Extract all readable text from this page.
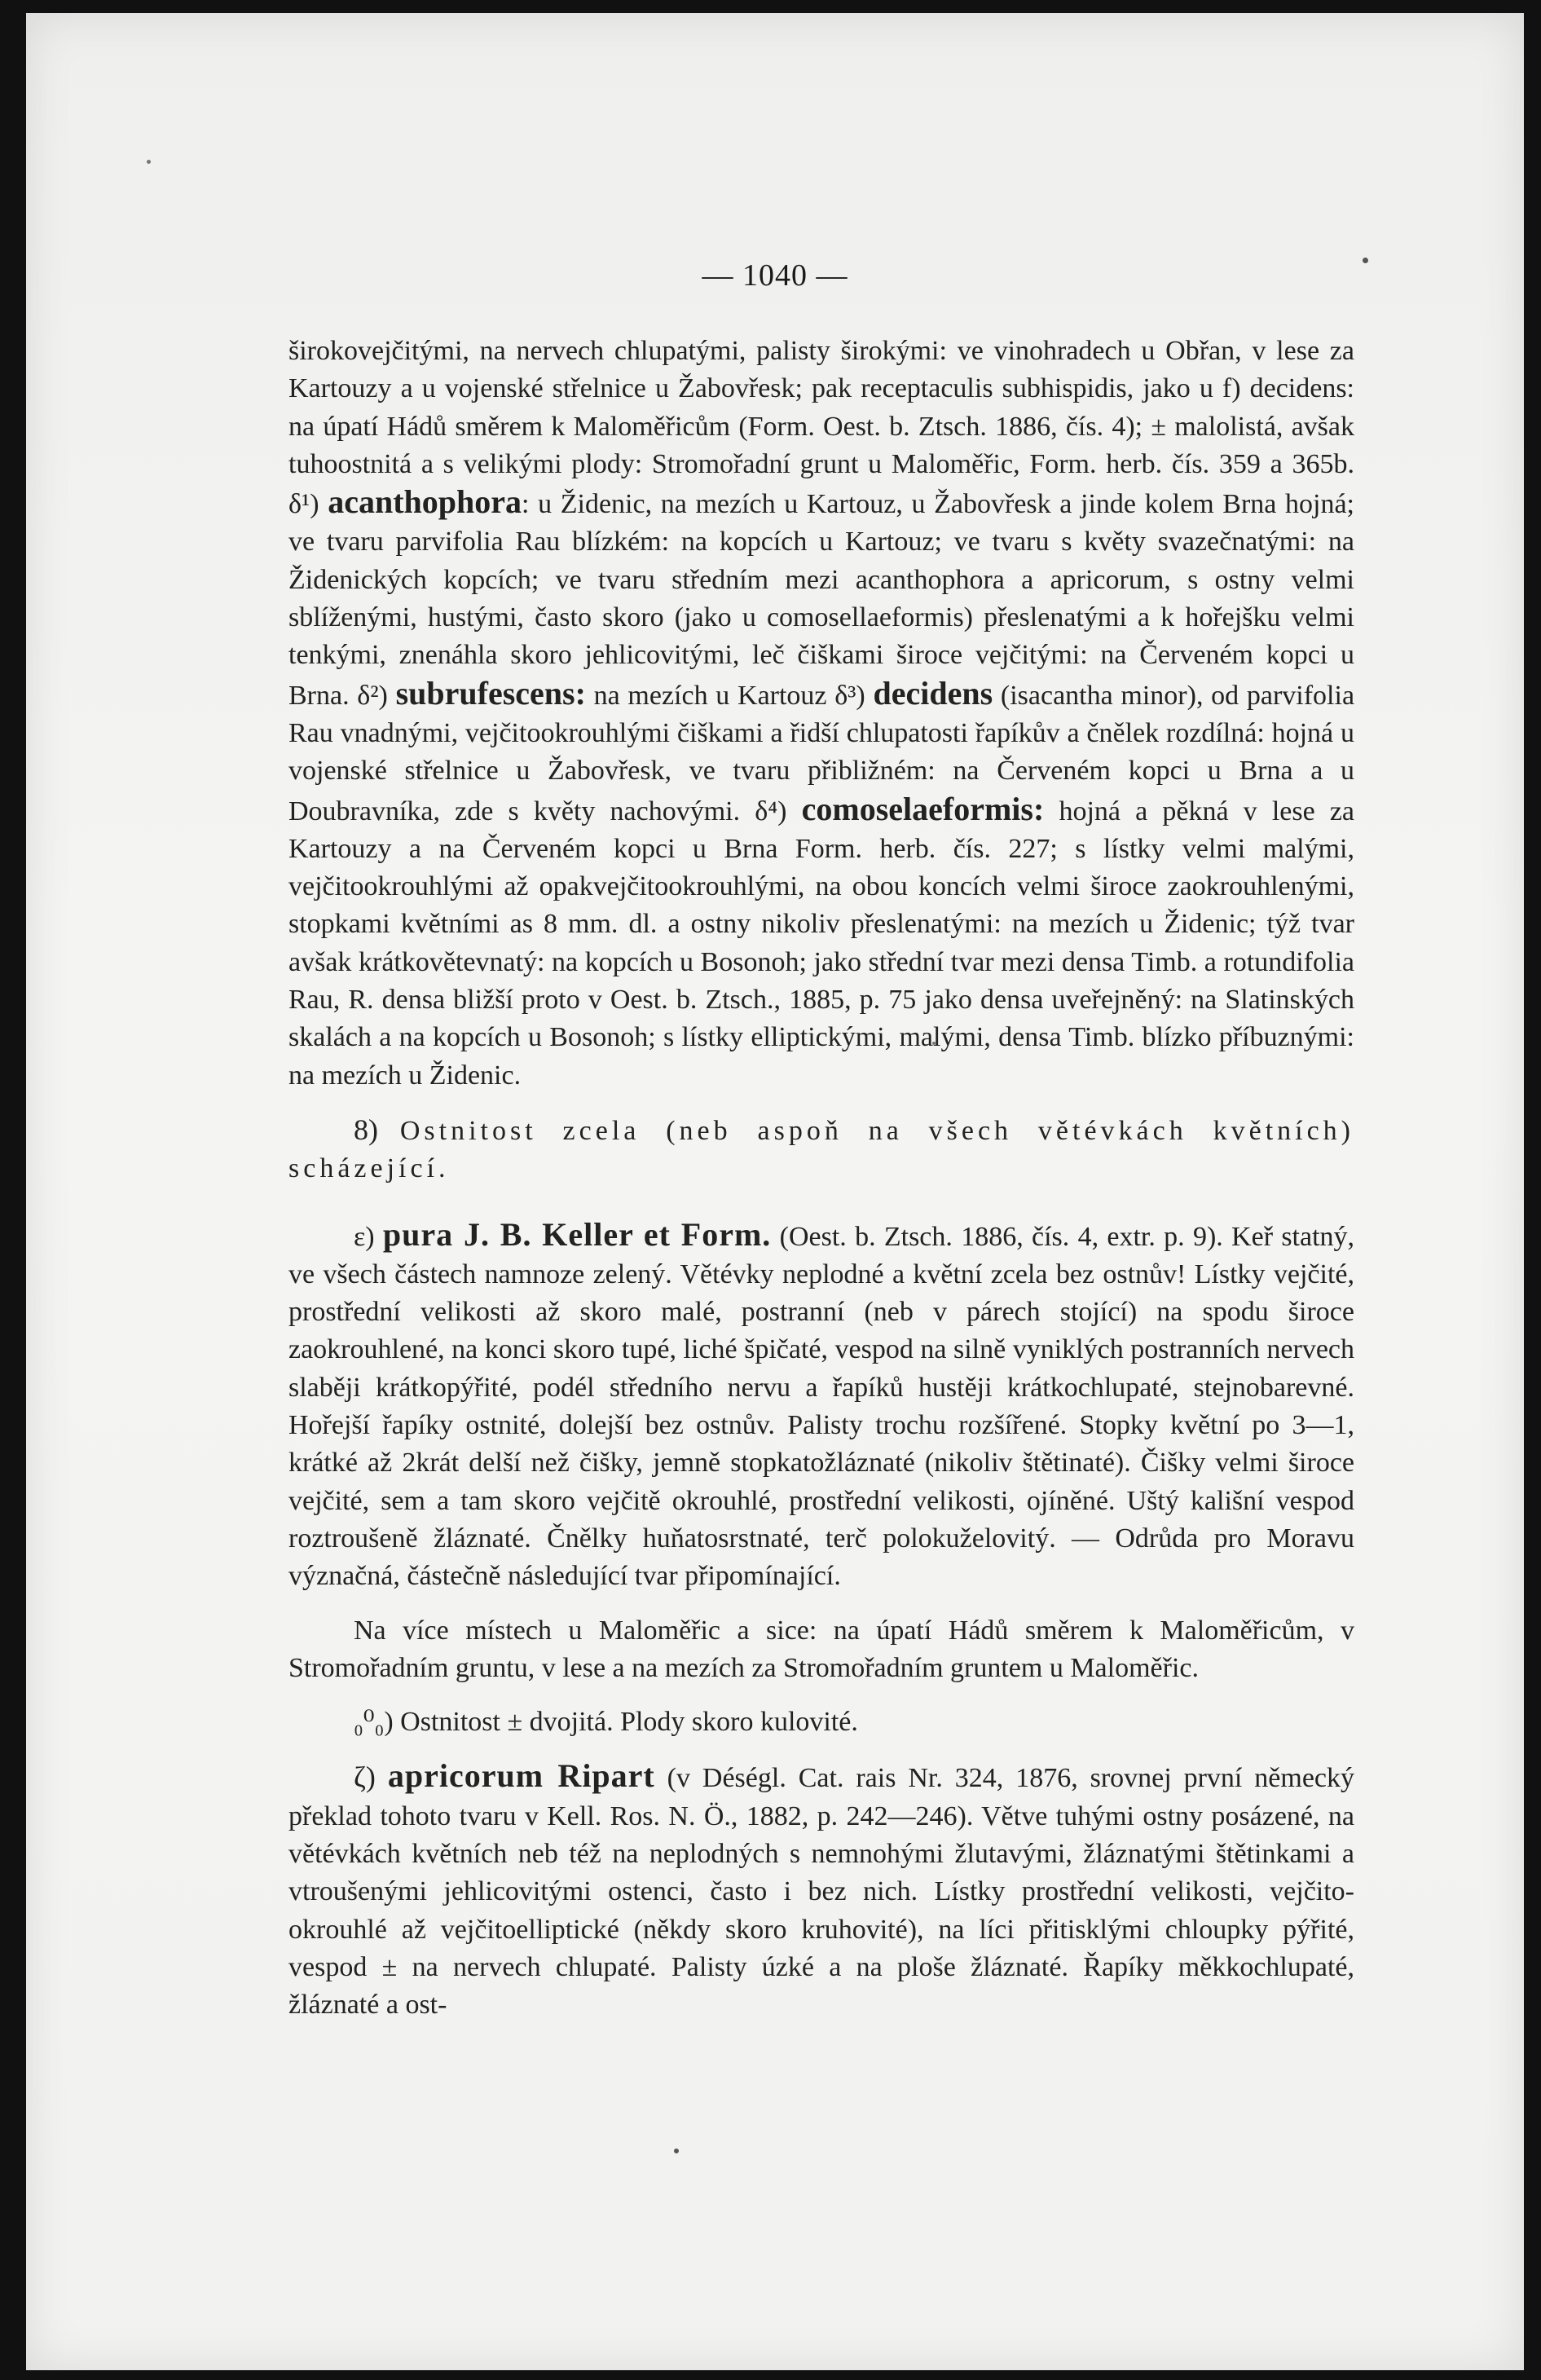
— 1040 —

širokovejčitými, na nervech chlupatými, palisty širokými: ve vinohradech u Obřan, v lese za Kartouzy a u vojenské střelnice u Žabovřesk; pak receptaculis subhispidis, jako u f) decidens: na úpatí Hádů směrem k Maloměřicům (Form. Oest. b. Ztsch. 1886, čís. 4); ± malolistá, avšak tuhoostnitá a s velikými plody: Stromořadní grunt u Maloměřic, Form. herb. čís. 359 a 365b. δ¹) acanthophora: u Židenic, na mezích u Kartouz, u Žabovřesk a jinde kolem Brna hojná; ve tvaru parvifolia Rau blízkém: na kopcích u Kartouz; ve tvaru s květy svazečnatými: na Židenických kopcích; ve tvaru středním mezi acanthophora a apricorum, s ostny velmi sblíženými, hustými, často skoro (jako u comosellaeformis) přeslenatými a k hořejšku velmi tenkými, znenáhla skoro jehlicovitými, leč čiškami široce vejčitými: na Červeném kopci u Brna. δ²) subrufescens: na mezích u Kartouz δ³) decidens (isacantha minor), od parvifolia Rau vnadnými, vejčitookrouhlými čiškami a řidší chlupatosti řapíkův a čnělek rozdílná: hojná u vojenské střelnice u Žabovřesk, ve tvaru přibližném: na Červeném kopci u Brna a u Doubravníka, zde s květy nachovými. δ⁴) comoselaeformis: hojná a pěkná v lese za Kartouzy a na Červeném kopci u Brna Form. herb. čís. 227; s lístky velmi malými, vejčitookrouhlými až opakvejčitookrouhlými, na obou koncích velmi široce zaokrouhlenými, stopkami květními as 8 mm. dl. a ostny nikoliv přeslenatými: na mezích u Židenic; týž tvar avšak krátkovětevnatý: na kopcích u Bosonoh; jako střední tvar mezi densa Timb. a rotundifolia Rau, R. densa bližší proto v Oest. b. Ztsch., 1885, p. 75 jako densa uveřejněný: na Slatinských skalách a na kopcích u Bosonoh; s lístky elliptickými, malými, densa Timb. blízko příbuznými: na mezích u Židenic.

8) Ostnitost zcela (neb aspoň na všech větévkách květních) scházející.

ε) pura J. B. Keller et Form. (Oest. b. Ztsch. 1886, čís. 4, extr. p. 9). Keř statný, ve všech částech namnoze zelený. Větévky neplodné a květní zcela bez ostnův! Lístky vejčité, prostřední velikosti až skoro malé, postranní (neb v párech stojící) na spodu široce zaokrouhlené, na konci skoro tupé, liché špičaté, vespod na silně vyniklých postranních nervech slaběji krátkopýřité, podél středního nervu a řapíků hustěji krátkochlupaté, stejnobarevné. Hořejší řapíky ostnité, dolejší bez ostnův. Palisty trochu rozšířené. Stopky květní po 3—1, krátké až 2krát delší než čišky, jemně stopkatožláznaté (nikoliv štětinaté). Čišky velmi široce vejčité, sem a tam skoro vejčitě okrouhlé, prostřední velikosti, ojíněné. Uštý kališní vespod roztroušeně žláznaté. Čnělky huňatosrstnaté, terč polokuželovitý. — Odrůda pro Moravu význačná, částečně následující tvar připomínající.

Na více místech u Maloměřic a sice: na úpatí Hádů směrem k Maloměřicům, v Stromořadním gruntu, v lese a na mezích za Stromořadním gruntem u Maloměřic.

₀⁰₀) Ostnitost ± dvojitá. Plody skoro kulovité.

ζ) apricorum Ripart (v Déségl. Cat. rais Nr. 324, 1876, srovnej první německý překlad tohoto tvaru v Kell. Ros. N. Ö., 1882, p. 242—246). Větve tuhými ostny posázené, na větévkách květních neb též na neplodných s nemnohými žlutavými, žláznatými štětinkami a vtroušenými jehlicovitými ostenci, často i bez nich. Lístky prostřední velikosti, vejčito-okrouhlé až vejčitoelliptické (někdy skoro kruhovité), na líci přitisklými chloupky pýřité, vespod ± na nervech chlupaté. Palisty úzké a na ploše žláznaté. Řapíky měkkochlupaté, žláznaté a ost-
